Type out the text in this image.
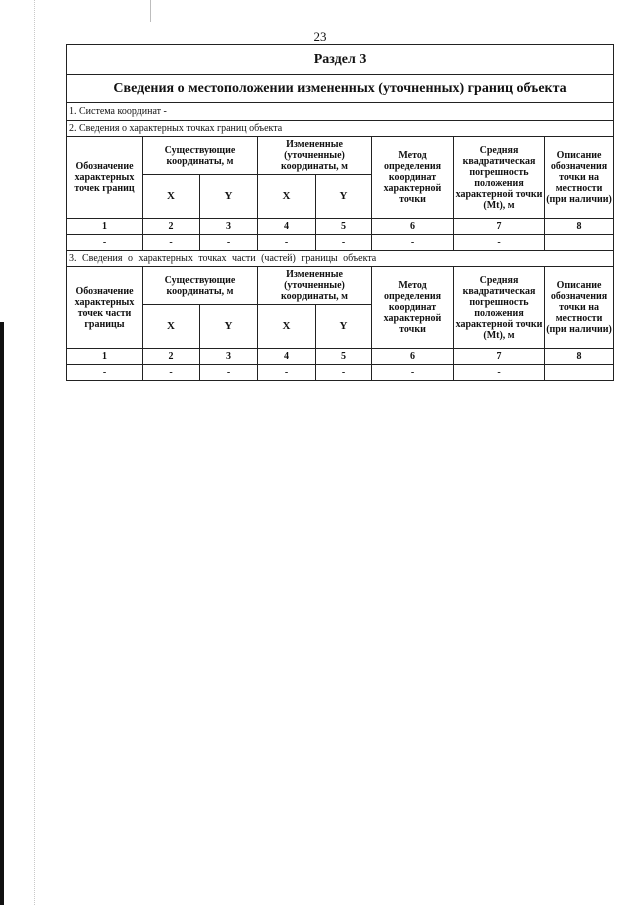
23
Раздел 3							
Сведения о местоположении измененных (уточненных) границ объекта							
1. Система координат -							
2. Сведения о характерных точках границ объекта							
Обозначение характерных точек границ	Существующие координаты, м		Измененные (уточненные) координаты, м		Метод определения координат характерной точки	Средняя квадратическая погрешность положения характерной точки (Mt), м	Описание обозначения точки на местности (при наличии)
	X	Y	X	Y			
1	2	3	4	5	6	7	8
-	-	-	-	-	-	-	
3. Сведения о характерных точках части (частей) границы объекта							
Обозначение характерных точек части границы	Существующие координаты, м		Измененные (уточненные) координаты, м		Метод определения координат характерной точки	Средняя квадратическая погрешность положения характерной точки (Mt), м	Описание обозначения точки на местности (при наличии)
	X	Y	X	Y			
1	2	3	4	5	6	7	8
-	-	-	-	-	-	-	
